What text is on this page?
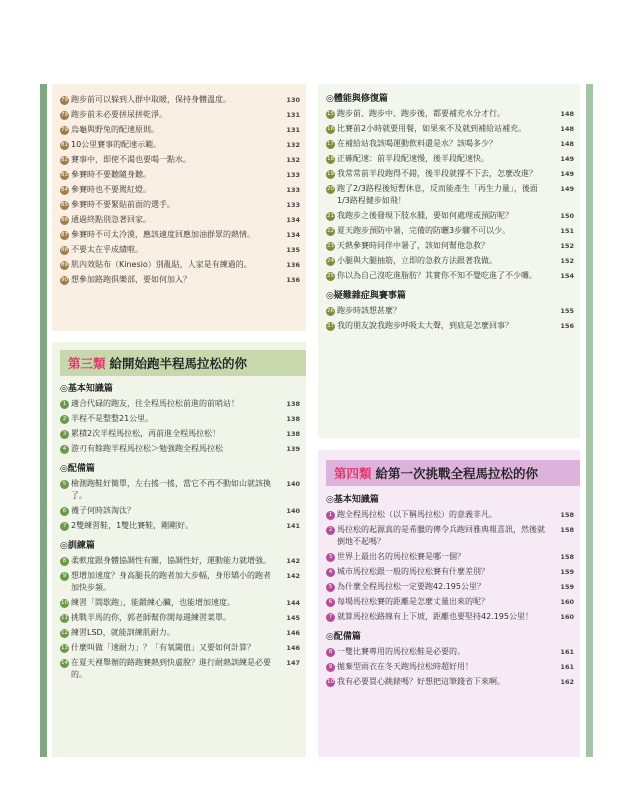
79 跑步前可以躲到人群中取暖，保持身體溫度。	130
79 跑步前未必要拼尿拼乾淨。	131
79 烏龜與野兔的配速原則。	131
81 10公里賽事的配速示範。	132
82 賽事中，即使不渴也要喝一點水。	132
83 參賽時不要聽隨身聽。	133
84 參賽時也不要駡紅燈。	133
85 參賽時不要緊貼前面的選手。	133
86 通過終點別急著回家。	134
87 參賽時不可太冷漠，應該適度回應加油群眾的熱情。	134
88 不要太在乎成績啦。	135
89 肌內效貼布（Kinesio）別亂貼，人家是有練過的。	136
90 想參加路跑俱樂部，要如何加入？	136
第三類 給開始跑半程馬拉松的你
◎基本知識篇
1 適合代碌的跑友，往全程馬拉松前進的前哨站！	138
2 半程不是整整21公里。	138
3 累積2次半程馬拉松，再前進全程馬拉松！	138
4 游刃有餘跑半程馬拉松＞勉強跑全程馬拉松	139
◎配備篇
5 檢測跑鞋好簡單，左右搖一搖，當它不再不動如山就該換了。
140
6 襪子何時該淘汰？	140
7 2雙練習鞋，1雙比賽鞋，剛剛好。	141
◎訓練篇
8 柔軟度跟身體協調性有關，協調性好，運動能力就增強。	142
9 想增加速度？身高腿長的跑者加大步幅，身形矯小的跑者加快步頻。
142
10 練習「間歇跑」，能鍛練心臟，也能增加速度。	144
11 挑戰半馬的你，郭老師幫你開每週練習菜單。	145
12 練習LSD，就能訓練肌耐力。	146
13 什麼叫做「速耐力」？「有氧閾值」又要如何計算？	146
14 在夏天裡舉辦的路跑賽熱到快虛脫？進行耐熱訓練是必要的。
147
◎體能與修復篇
15 跑步前、跑步中、跑步後，都要補充水分才行。	148
16 比賽前2小時就要用餐，如果來不及就到補給站補充。	148
17 在補給站我該喝運動飲料還是水？該喝多少？	148
18 正確配速：前半段配速慢，後半段配速快。	149
19 我常常前半段跑得不錯，後半段就撐不下去，怎麼改進？	149
20 跑了2/3路程後短暫休息，反而能產生「再生力量」，後面1/3路程健步如飛！
149
21 我跑步之後發現下肢水腫，要如何處理或預防呢？	150
22 夏天跑步預防中暑，完備的防曬3步驟不可以少。	151
23 天熱參賽時同伴中暑了，該如何幫他急救？	152
24 小腿與大腿抽筋，立即的急救方法跟著我做。	152
25 你以為自己沒吃進脂肪？其實你不知不覺吃進了不少囉。	154
◎疑難雜症與賽事篇
26 跑步時該想甚麼？	155
27 我的朋友說我跑步呼吸太大聲，到底是怎麼回事？	156
第四類 給第一次挑戰全程馬拉松的你
◎基本知識篇
1 跑全程馬拉松（以下稱馬拉松）的意義非凡。	158
2 馬拉松的起源真的是希臘的傳令兵跑回雅典報喜訊，然後就倒地不起嗎？
158
3 世界上最出名的馬拉松賽是哪一個？	158
4 城市馬拉松跟一般的馬拉松賽有什麼差別？	159
5 為什麼全程馬拉松一定要跑42.195公里？	159
6 每場馬拉松賽的距離是怎麼丈量出來的呢？	160
7 就算馬拉松路線有上下坡，距離也要堅持42.195公里！	160
◎配備篇
8 一雙比賽專用的馬拉松鞋是必要的。	161
9 拋棄型雨衣在冬天跑馬拉松時超好用！	161
10 我有必要買心跳錶嗎？好想把這筆錢省下來啊。	162
